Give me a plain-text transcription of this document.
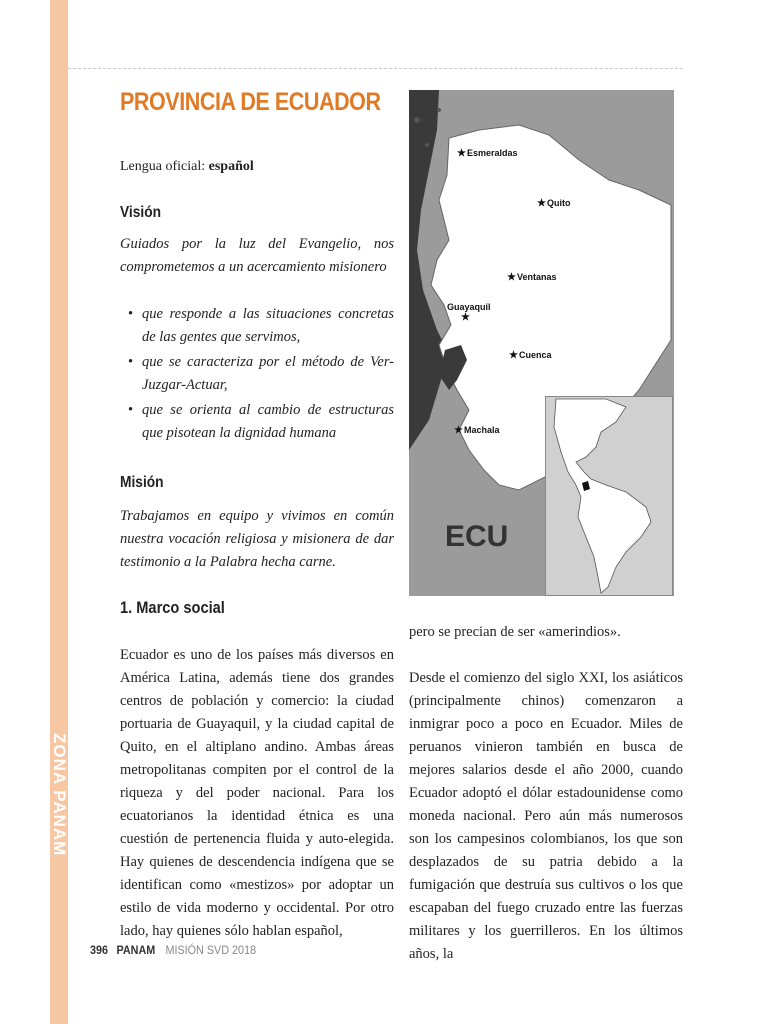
ZONA PANAM
PROVINCIA DE ECUADOR
Lengua oficial: español
Visión

Guiados por la luz del Evangelio, nos comprometemos a un acercamiento misionero

• que responde a las situaciones concretas de las gentes que servimos,
• que se caracteriza por el método de Ver-Juzgar-Actuar,
• que se orienta al cambio de estructuras que pisotean la dignidad humana
Misión

Trabajamos en equipo y vivimos en común nuestra vocación religiosa y misionera de dar testimonio a la Palabra hecha carne.

1. Marco social

Ecuador es uno de los países más diversos en América Latina, además tiene dos grandes centros de población y comercio: la ciudad portuaria de Guayaquil, y la ciudad capital de Quito, en el altiplano andino. Ambas áreas metropolitanas compiten por el control de la riqueza y del poder nacional. Para los ecuatorianos la identidad étnica es una cuestión de pertenencia fluida y auto-elegida. Hay quienes de descendencia indígena que se identifican como «mestizos» por adoptar un estilo de vida moderno y occidental. Por otro lado, hay quienes sólo hablan español,

pero se precian de ser «amerindios».

Desde el comienzo del siglo XXI, los asiáticos (principalmente chinos) comenzaron a inmigrar poco a poco en Ecuador. Miles de peruanos vinieron también en busca de mejores salarios desde el año 2000, cuando Ecuador adoptó el dólar estadounidense como moneda nacional. Pero aún más numerosos son los campesinos colombianos, los que son desplazados de su patria debido a la fumigación que destruía sus cultivos o los que escapaban del fuego cruzado entre las fuerzas militares y los guerrilleros. En los últimos años, la

★Esmeraldas
★Quito
★Ventanas
Guayaquil
★
★Cuenca
★Machala
ECU
396 PANAM MISIÓN SVD 2018
